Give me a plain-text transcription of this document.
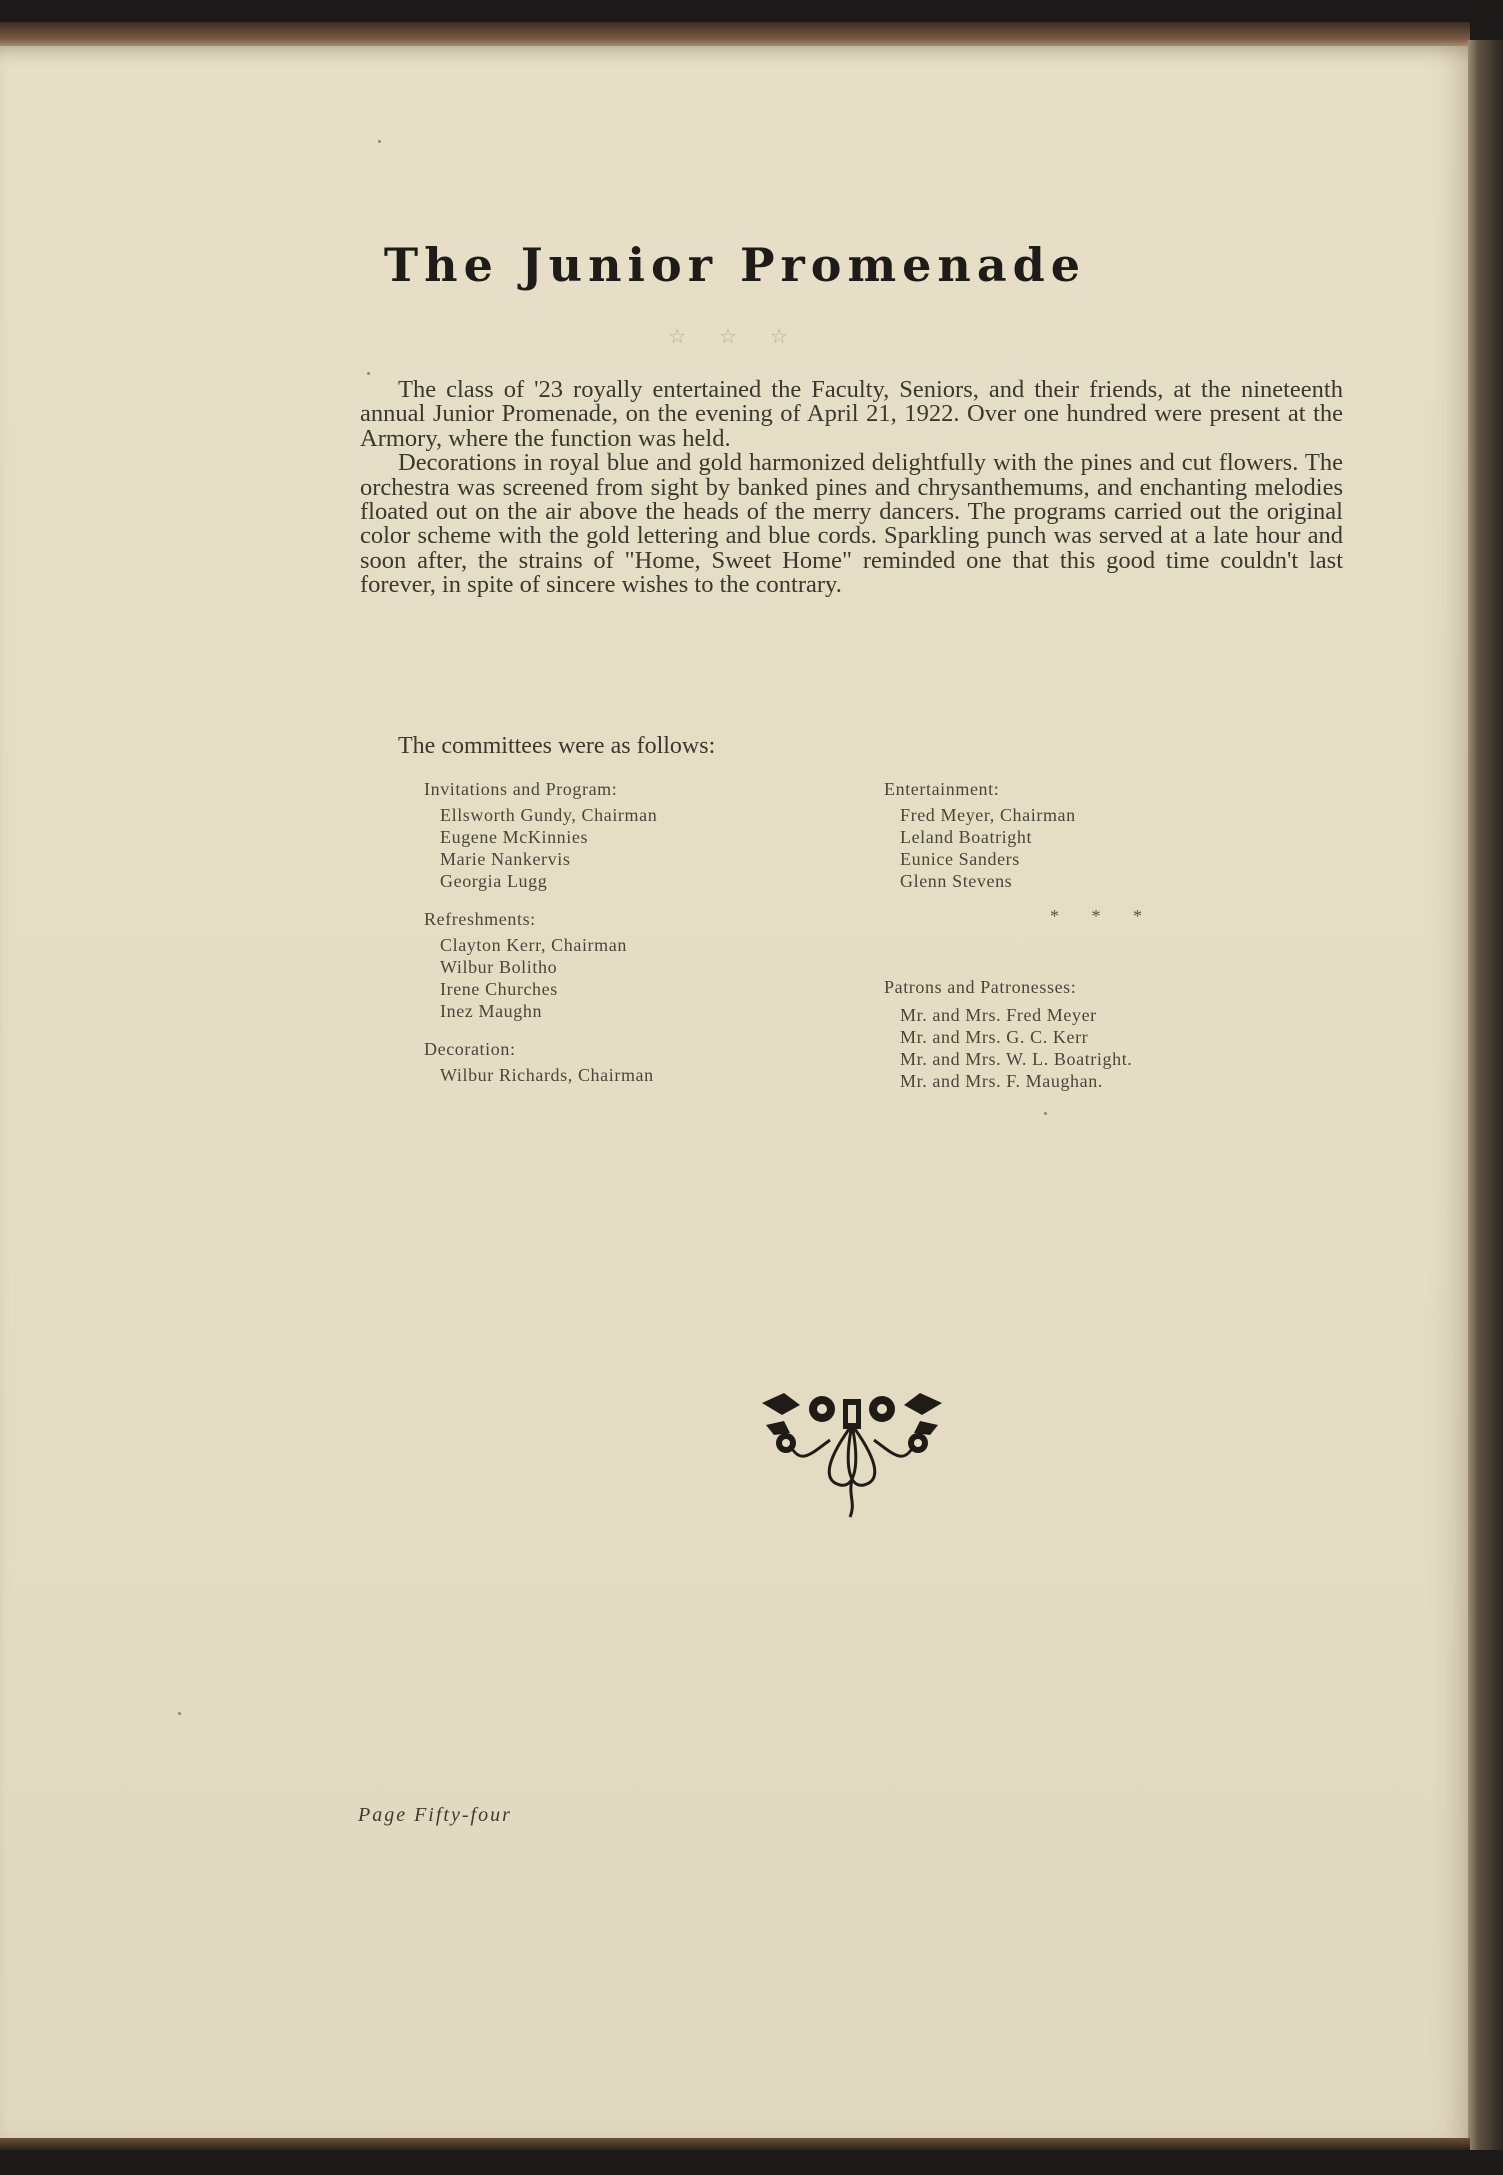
The Junior Promenade
☆ ☆ ☆

The class of '23 royally entertained the Faculty, Seniors, and their friends, at the nineteenth annual Junior Promenade, on the evening of April 21, 1922. Over one hundred were present at the Armory, where the function was held.

Decorations in royal blue and gold harmonized delightfully with the pines and cut flowers. The orchestra was screened from sight by banked pines and chrysanthemums, and enchanting melodies floated out on the air above the heads of the merry dancers. The programs carried out the original color scheme with the gold lettering and blue cords. Sparkling punch was served at a late hour and soon after, the strains of "Home, Sweet Home" reminded one that this good time couldn't last forever, in spite of sincere wishes to the contrary.

The committees were as follows:

Invitations and Program:

Ellsworth Gundy, Chairman
Eugene McKinnies
Marie Nankervis
Georgia Lugg

Refreshments:

Clayton Kerr, Chairman
Wilbur Bolitho
Irene Churches
Inez Maughn

Decoration:

Wilbur Richards, Chairman

Entertainment:

Fred Meyer, Chairman
Leland Boatright
Eunice Sanders
Glenn Stevens
* * *

Patrons and Patronesses:

Mr. and Mrs. Fred Meyer
Mr. and Mrs. G. C. Kerr
Mr. and Mrs. W. L. Boatright.
Mr. and Mrs. F. Maughan.
Page Fifty-four
